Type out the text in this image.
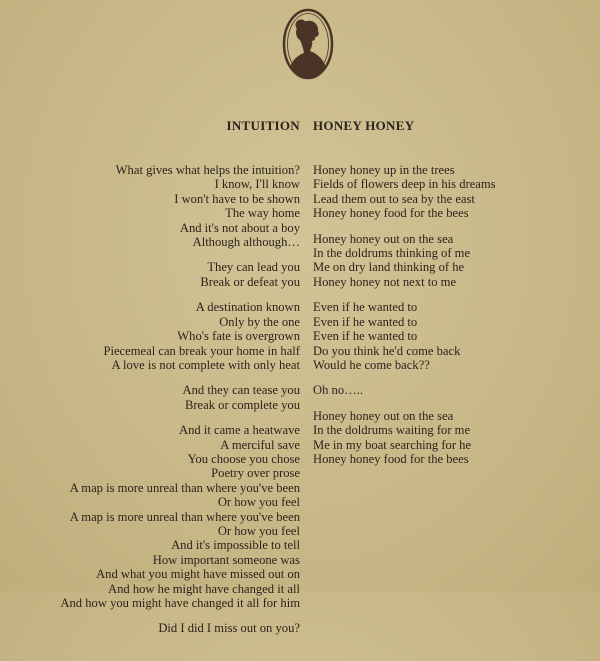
INTUITION

What gives what helps the intuition?
I know, I'll know
I won't have to be shown
The way home
And it's not about a boy
Although although…
They can lead you
Break or defeat you
A destination known
Only by the one
Who's fate is overgrown
Piecemeal can break your home in half
A love is not complete with only heat
And they can tease you
Break or complete you
And it came a heatwave
A merciful save
You choose you chose
Poetry over prose
A map is more unreal than where you've been
Or how you feel
A map is more unreal than where you've been
Or how you feel
And it's impossible to tell
How important someone was
And what you might have missed out on
And how he might have changed it all
And how you might have changed it all for him
Did I did I miss out on you?

HONEY HONEY

Honey honey up in the trees
Fields of flowers deep in his dreams
Lead them out to sea by the east
Honey honey food for the bees
Honey honey out on the sea
In the doldrums thinking of me
Me on dry land thinking of he
Honey honey not next to me
Even if he wanted to
Even if he wanted to
Even if he wanted to
Do you think he'd come back
Would he come back??
Oh no…..
Honey honey out on the sea
In the doldrums waiting for me
Me in my boat searching for he
Honey honey food for the bees
